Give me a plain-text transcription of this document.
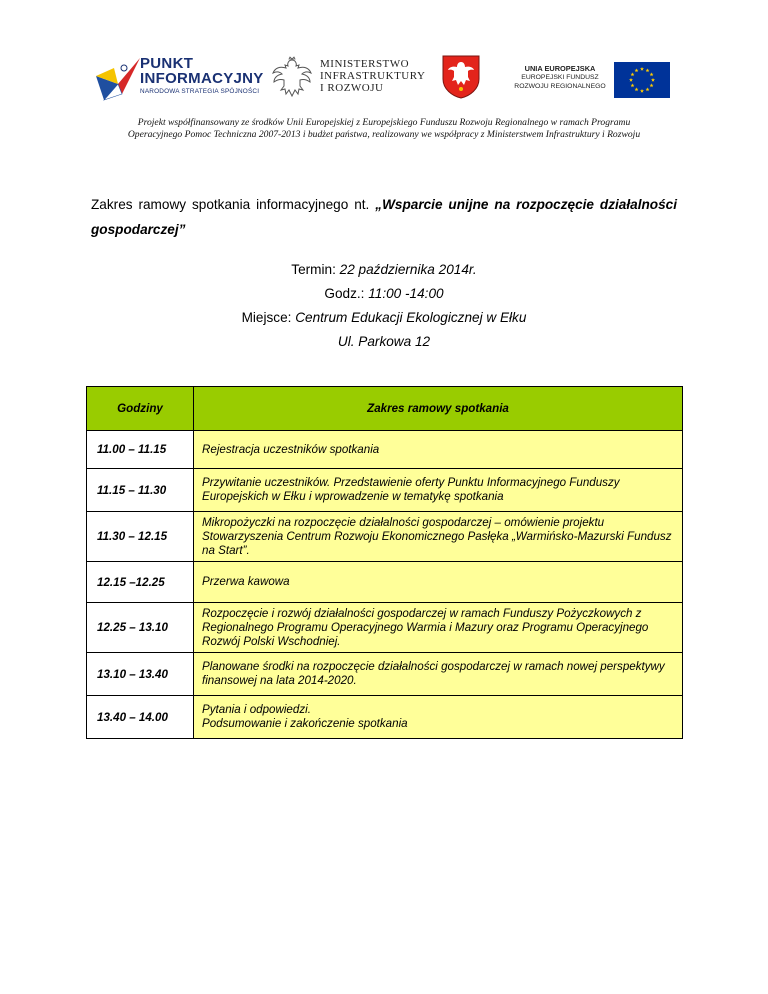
PUNKT
INFORMACYJNY
NARODOWA STRATEGIA SPÓJNOŚCI
MINISTERSTWO
INFRASTRUKTURY
I ROZWOJU
UNIA EUROPEJSKA
EUROPEJSKI FUNDUSZ
ROZWOJU REGIONALNEGO
Projekt współfinansowany ze środków Unii Europejskiej z Europejskiego Funduszu Rozwoju Regionalnego w ramach Programu
Operacyjnego Pomoc Techniczna 2007-2013 i budżet państwa, realizowany we współpracy z Ministerstwem Infrastruktury i Rozwoju
Zakres ramowy spotkania informacyjnego nt. „Wsparcie unijne na rozpoczęcie działalności gospodarczej”
Termin: 22 października 2014r.
Godz.: 11:00 -14:00
Miejsce: Centrum Edukacji Ekologicznej w Ełku
Ul. Parkowa 12
Godziny	Zakres ramowy spotkania
11.00 – 11.15	Rejestracja uczestników spotkania
11.15 – 11.30	Przywitanie uczestników. Przedstawienie oferty Punktu Informacyjnego Funduszy Europejskich w Ełku i wprowadzenie w tematykę spotkania
11.30 – 12.15	Mikropożyczki na rozpoczęcie działalności gospodarczej – omówienie projektu Stowarzyszenia Centrum Rozwoju Ekonomicznego Pasłęka „Warmińsko-Mazurski Fundusz na Start”.
12.15 –12.25	Przerwa kawowa
12.25 – 13.10	Rozpoczęcie i rozwój działalności gospodarczej w ramach Funduszy Pożyczkowych z Regionalnego Programu Operacyjnego Warmia i Mazury oraz Programu Operacyjnego Rozwój Polski Wschodniej.
13.10 – 13.40	Planowane środki na rozpoczęcie działalności gospodarczej w ramach nowej perspektywy finansowej na lata 2014-2020.
13.40 – 14.00	Pytania i odpowiedzi.
Podsumowanie i zakończenie spotkania
